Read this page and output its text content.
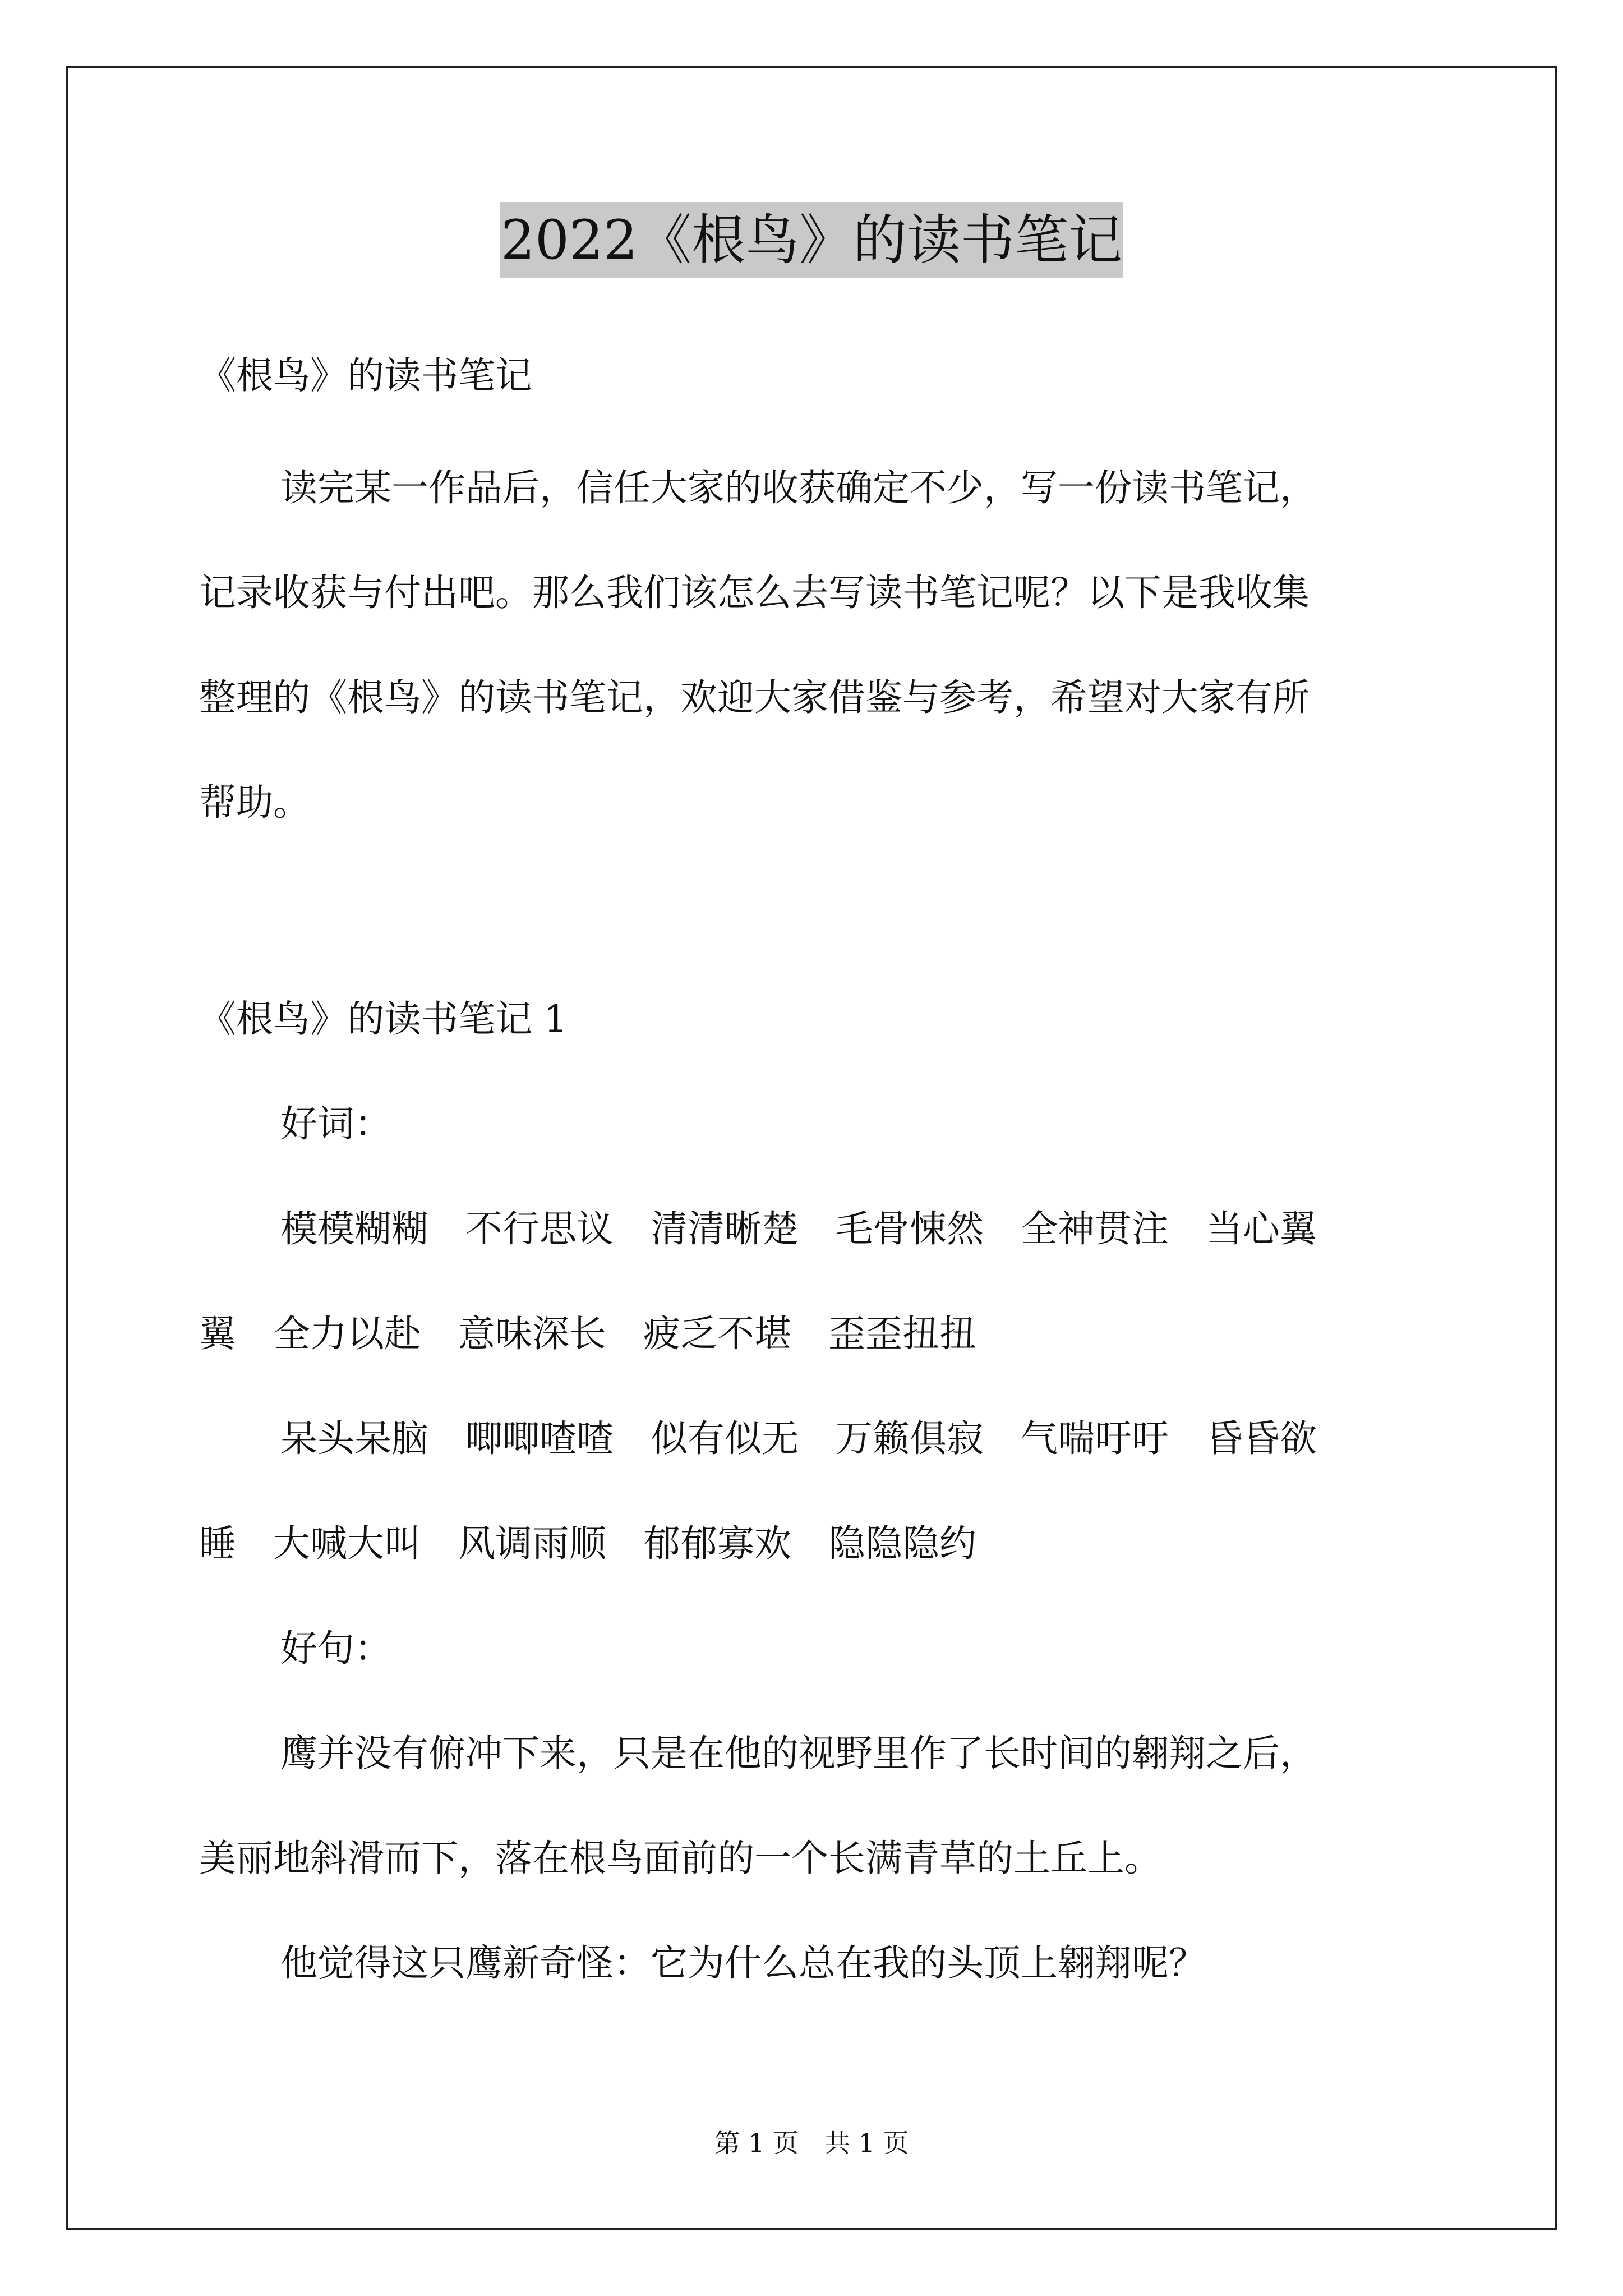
2022《根鸟》的读书笔记
《根鸟》的读书笔记
读完某一作品后，信任大家的收获确定不少，写一份读书笔记，
记录收获与付出吧。那么我们该怎么去写读书笔记呢？以下是我收集
整理的《根鸟》的读书笔记，欢迎大家借鉴与参考，希望对大家有所
帮助。
《根鸟》的读书笔记 1
好词：
模模糊糊　不行思议　清清晰楚　毛骨悚然　全神贯注　当心翼
翼　全力以赴　意味深长　疲乏不堪　歪歪扭扭
呆头呆脑　唧唧喳喳　似有似无　万籁俱寂　气喘吁吁　昏昏欲
睡　大喊大叫　风调雨顺　郁郁寡欢　隐隐隐约
好句：
鹰并没有俯冲下来，只是在他的视野里作了长时间的翱翔之后，
美丽地斜滑而下，落在根鸟面前的一个长满青草的土丘上。
他觉得这只鹰新奇怪：它为什么总在我的头顶上翱翔呢？
第 1 页　共 1 页
